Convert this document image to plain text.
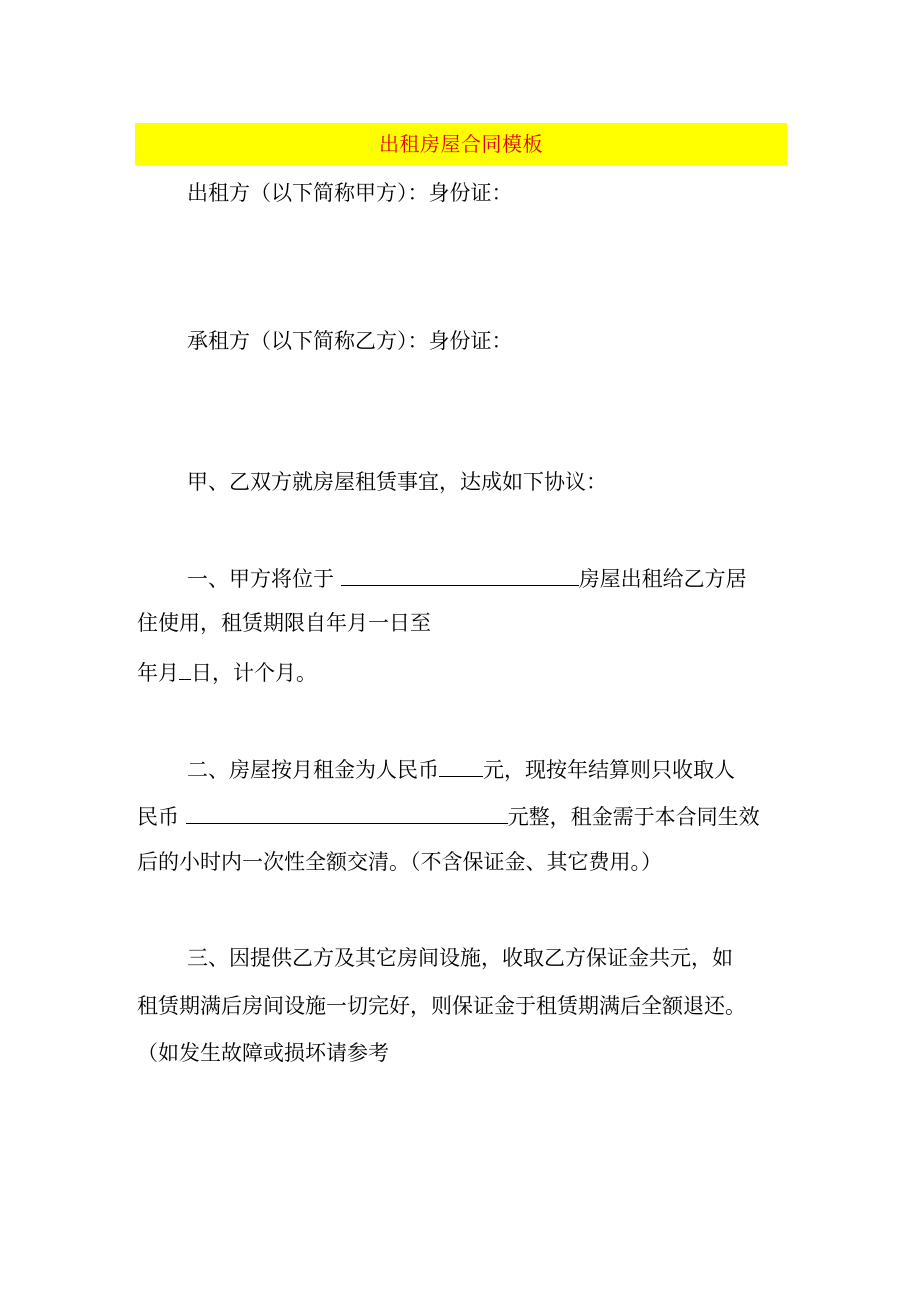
出租房屋合同模板
出租方（以下简称甲方）：身份证：
承租方（以下简称乙方）：身份证：
甲、乙双方就房屋租赁事宜，达成如下协议：
一、甲方将位于	房屋出租给乙方居
住使用，租赁期限自年月一日至
年月 日，计个月。
二、房屋按月租金为人民币 元，现按年结算则只收取人
民币	元整，租金需于本合同生效
后的小时内一次性全额交清。（不含保证金、其它费用。）
三、因提供乙方及其它房间设施，收取乙方保证金共元，如
租赁期满后房间设施一切完好，则保证金于租赁期满后全额退还。
（如发生故障或损坏请参考
